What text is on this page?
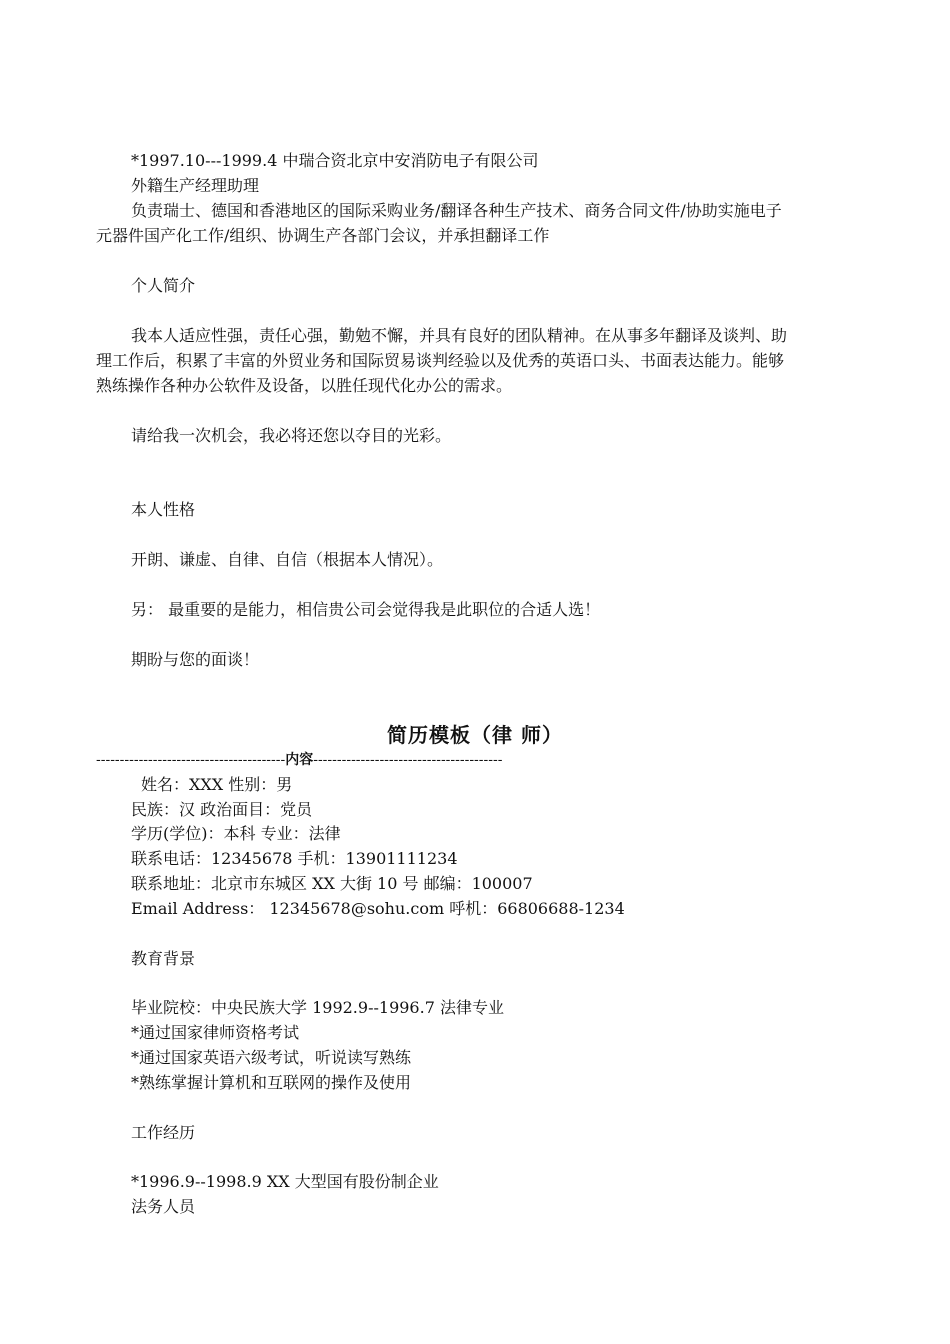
*1997.10---1999.4 中瑞合资北京中安消防电子有限公司
外籍生产经理助理
负责瑞士、德国和香港地区的国际采购业务/翻译各种生产技术、商务合同文件/协助实施电子
元器件国产化工作/组织、协调生产各部门会议，并承担翻译工作
个人简介
我本人适应性强，责任心强，勤勉不懈，并具有良好的团队精神。在从事多年翻译及谈判、助
理工作后，积累了丰富的外贸业务和国际贸易谈判经验以及优秀的英语口头、书面表达能力。能够
熟练操作各种办公软件及设备，以胜任现代化办公的需求。
请给我一次机会，我必将还您以夺目的光彩。
本人性格
开朗、谦虚、自律、自信（根据本人情况）。
另： 最重要的是能力，相信贵公司会觉得我是此职位的合适人选！
期盼与您的面谈！
简历模板（律 师）
----------------------------------------内容----------------------------------------
姓名：XXX 性别：男
民族：汉 政治面目：党员
学历(学位)：本科 专业：法律
联系电话：12345678 手机：13901111234
联系地址：北京市东城区 XX 大街 10 号 邮编：100007
Email Address： 12345678@sohu.com 呼机：66806688-1234
教育背景
毕业院校：中央民族大学 1992.9--1996.7 法律专业
*通过国家律师资格考试
*通过国家英语六级考试，听说读写熟练
*熟练掌握计算机和互联网的操作及使用
工作经历
*1996.9--1998.9 XX 大型国有股份制企业
法务人员
